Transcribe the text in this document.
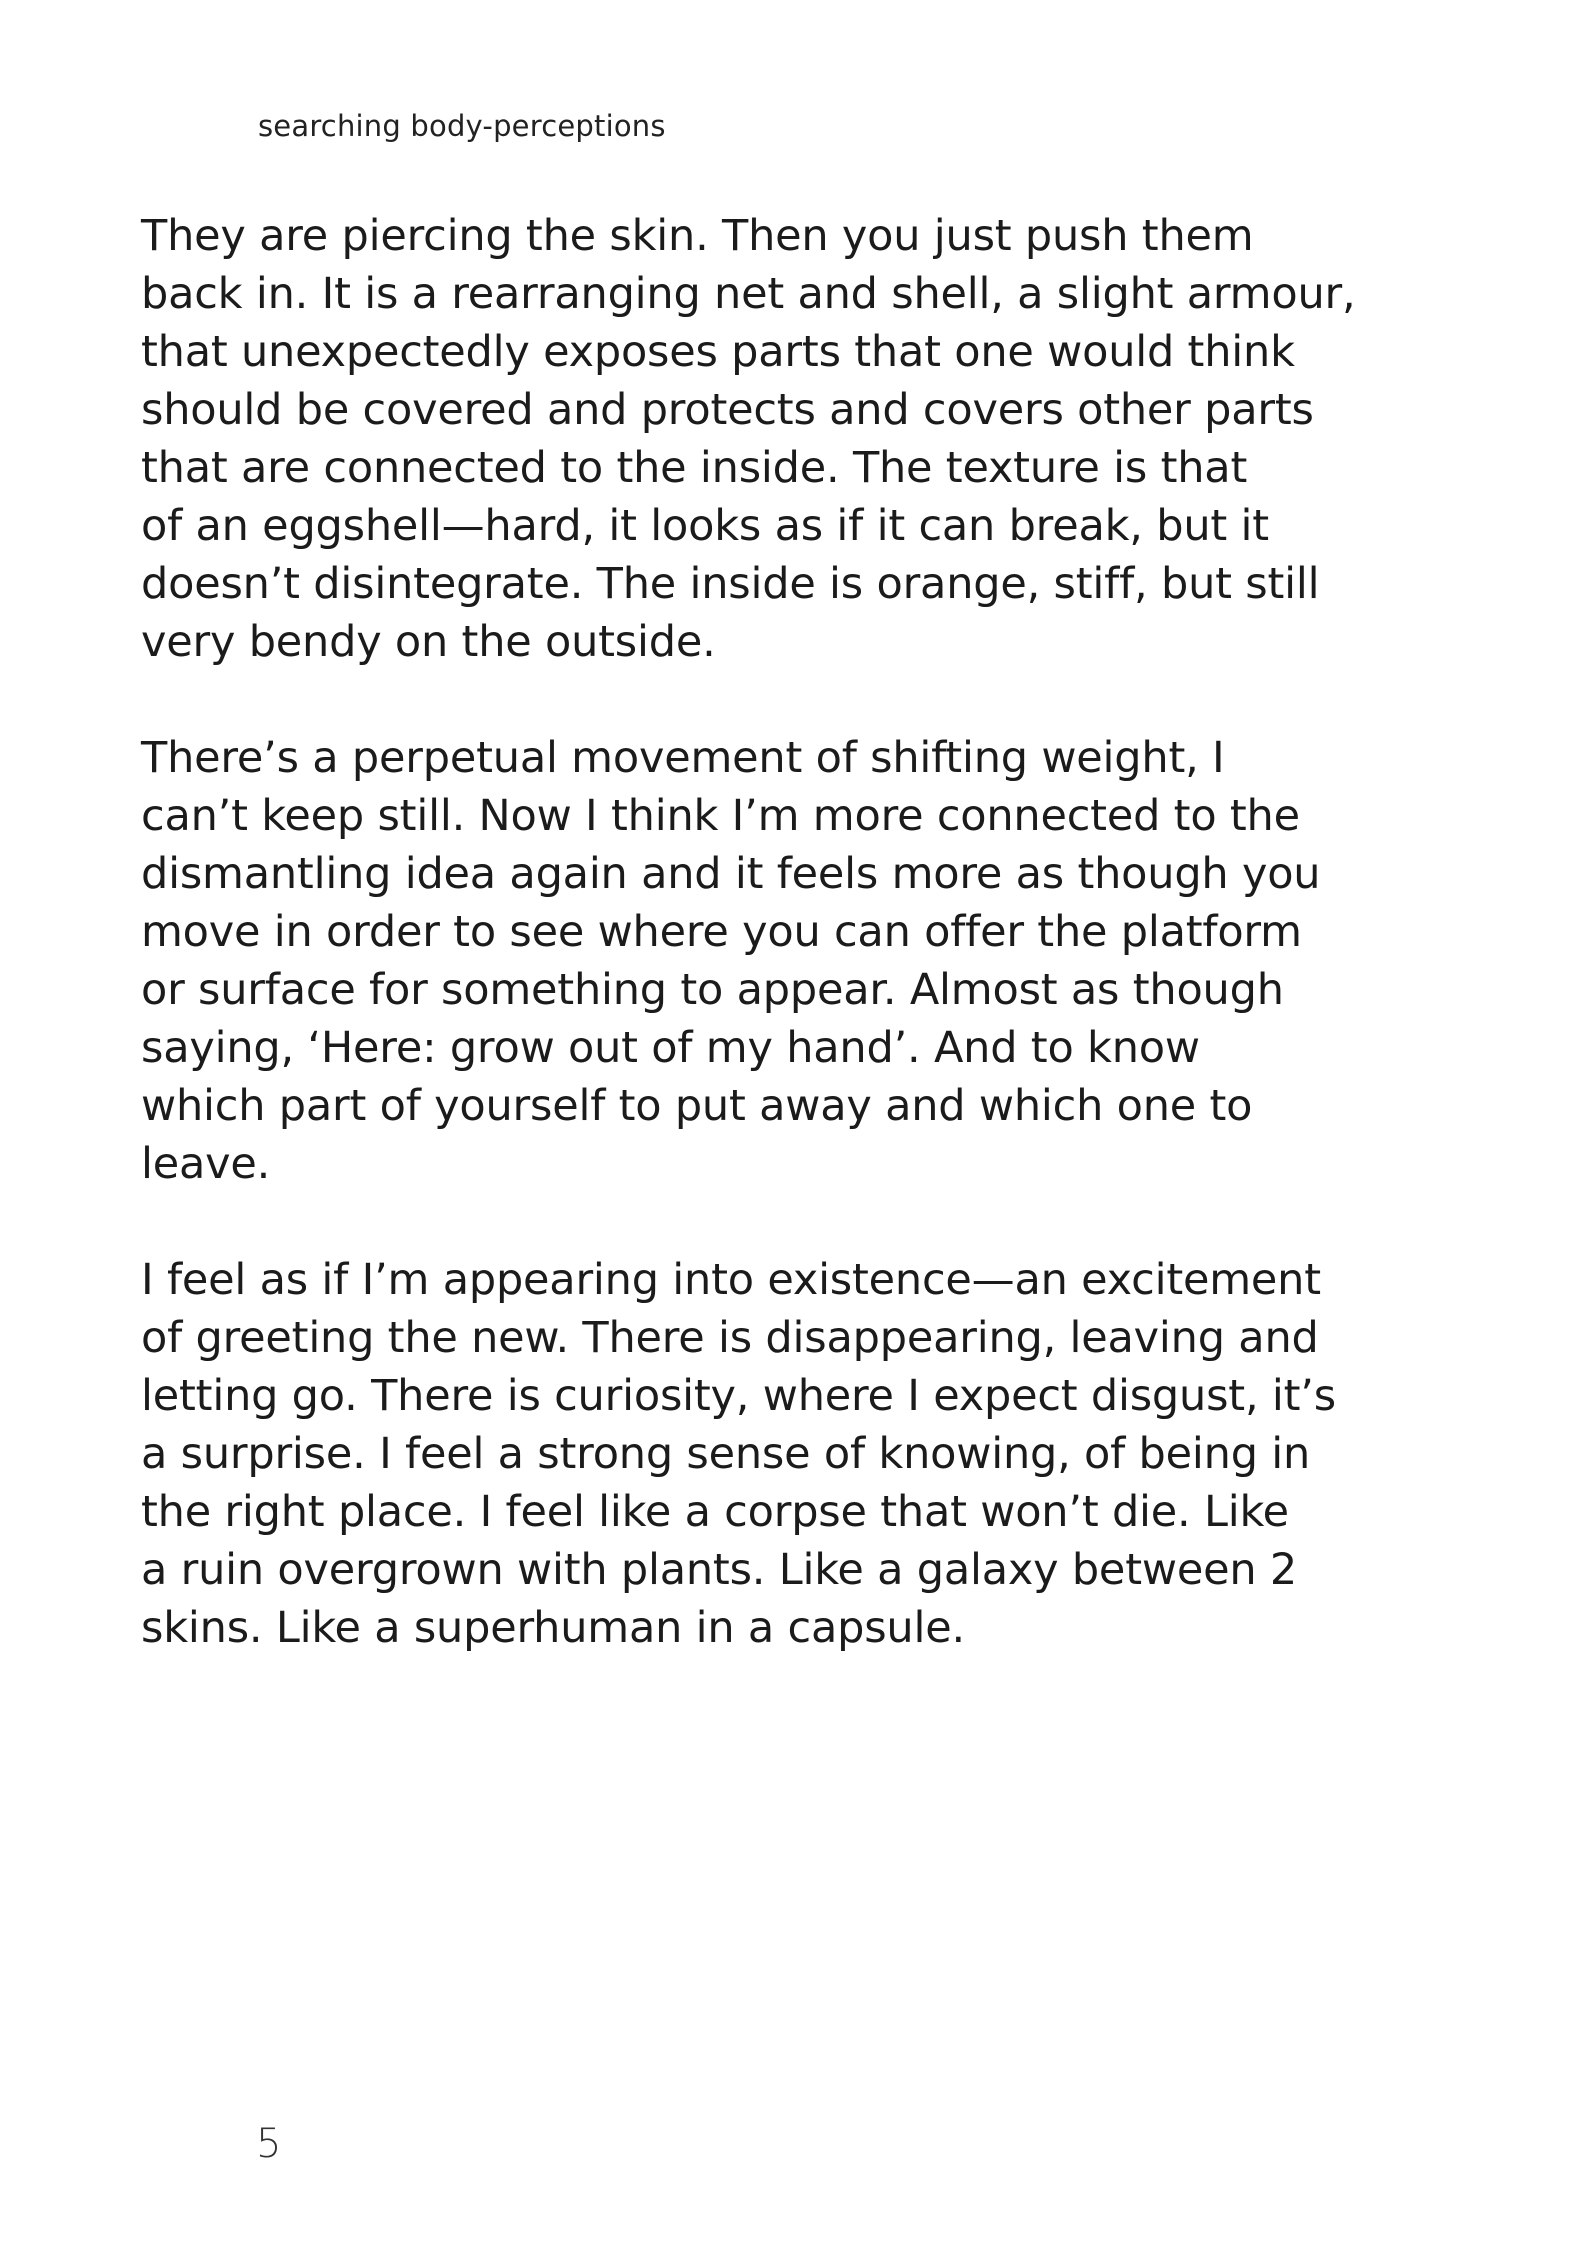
searching body-perceptions

They are piercing the skin. Then you just push them
back in. It is a rearranging net and shell, a slight armour,
that unexpectedly exposes parts that one would think
should be covered and protects and covers other parts
that are connected to the inside. The texture is that
of an eggshell—hard, it looks as if it can break, but it
doesn’t disintegrate. The inside is orange, stiff, but still
very bendy on the outside.

There’s a perpetual movement of shifting weight, I
can’t keep still. Now I think I’m more connected to the
dismantling idea again and it feels more as though you
move in order to see where you can offer the platform
or surface for something to appear. Almost as though
saying, ‘Here: grow out of my hand’. And to know
which part of yourself to put away and which one to
leave.

I feel as if I’m appearing into existence—an excitement
of greeting the new. There is disappearing, leaving and
letting go. There is curiosity, where I expect disgust, it’s
a surprise. I feel a strong sense of knowing, of being in
the right place. I feel like a corpse that won’t die. Like
a ruin overgrown with plants. Like a galaxy between 2
skins. Like a superhuman in a capsule.

5
